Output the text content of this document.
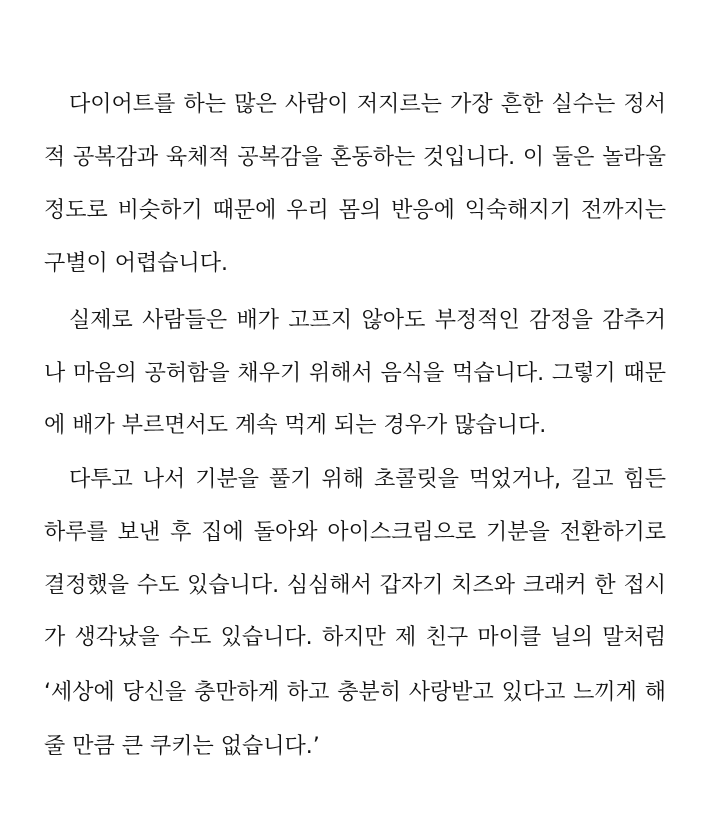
다이어트를 하는 많은 사람이 저지르는 가장 흔한 실수는 정서
적 공복감과 육체적 공복감을 혼동하는 것입니다. 이 둘은 놀라울
정도로 비슷하기 때문에 우리 몸의 반응에 익숙해지기 전까지는
구별이 어렵습니다.
실제로 사람들은 배가 고프지 않아도 부정적인 감정을 감추거
나 마음의 공허함을 채우기 위해서 음식을 먹습니다. 그렇기 때문
에 배가 부르면서도 계속 먹게 되는 경우가 많습니다.
다투고 나서 기분을 풀기 위해 초콜릿을 먹었거나, 길고 힘든
하루를 보낸 후 집에 돌아와 아이스크림으로 기분을 전환하기로
결정했을 수도 있습니다. 심심해서 갑자기 치즈와 크래커 한 접시
가 생각났을 수도 있습니다. 하지만 제 친구 마이클 닐의 말처럼
‘세상에 당신을 충만하게 하고 충분히 사랑받고 있다고 느끼게 해
줄 만큼 큰 쿠키는 없습니다.’
